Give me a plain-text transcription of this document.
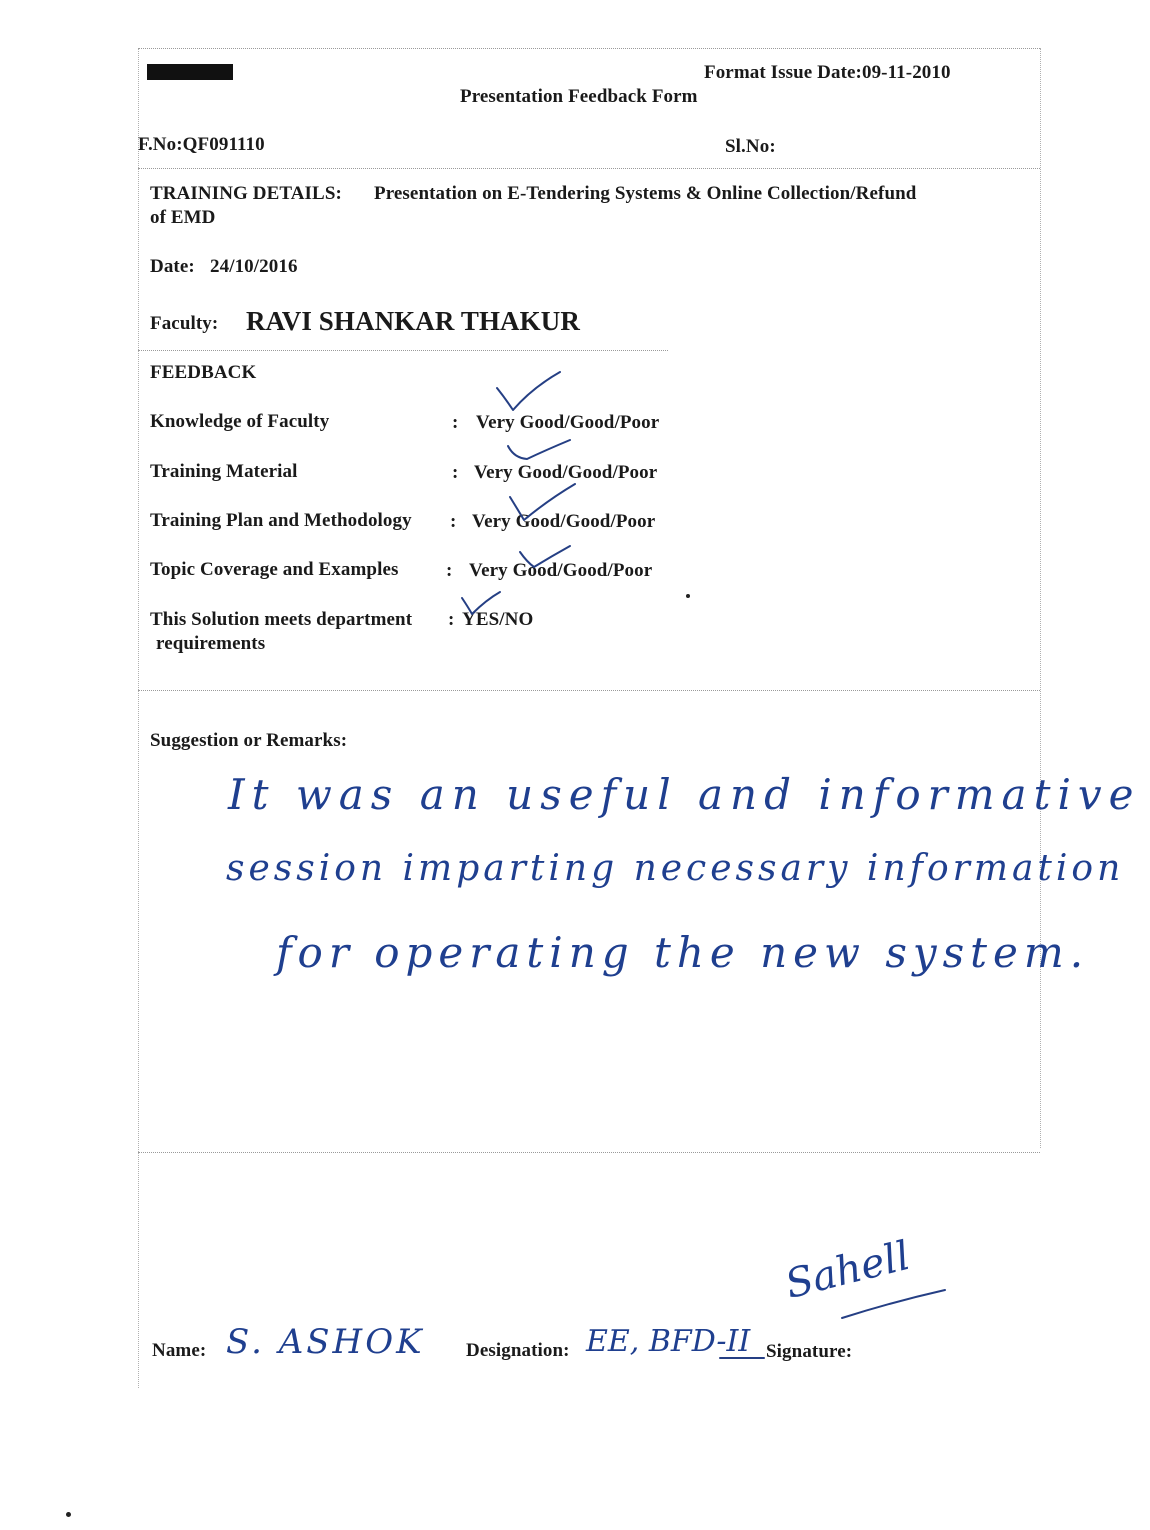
Format Issue Date:09-11-2010
Presentation Feedback Form
F.No:QF091110	Sl.No:
TRAINING DETAILS: Presentation on E-Tendering Systems & Online Collection/Refund
of EMD
Date: 24/10/2016
Faculty: RAVI SHANKAR THAKUR
FEEDBACK
Knowledge of Faculty	: Very Good/Good/Poor
Training Material	: Very Good/Good/Poor
Training Plan and Methodology : Very Good/Good/Poor
Topic Coverage and Examples	: Very Good/Good/Poor
This Solution meets department : YES/NO
requirements
Suggestion or Remarks:
It was an useful and informative
session imparting necessary information
for operating the new system.
Name: S. ASHOK Designation: EE, BFD-II Signature:
Sahell
